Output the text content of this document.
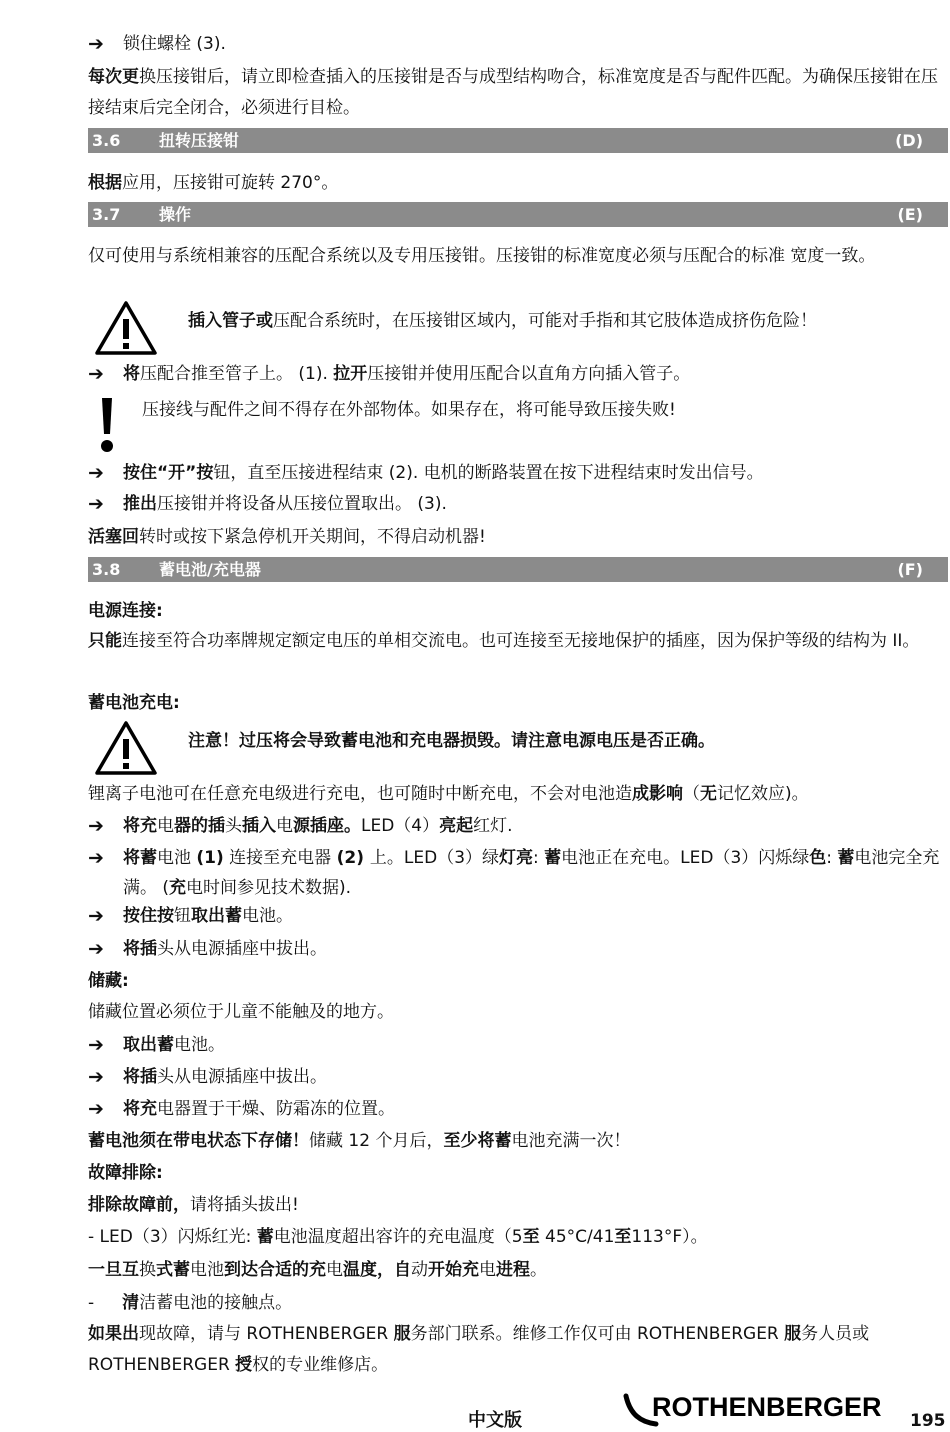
➔	锁住螺栓 (3).

每次更换压接钳后，请立即检查插入的压接钳是否与成型结构吻合，标准宽度是否与配件匹配。为确保压接钳在压接结束后完全闭合，必须进行目检。

3.6 扭转压接钳	(D)

根据应用，压接钳可旋转 270°。

3.7 操作	(E)

仅可使用与系统相兼容的压配合系统以及专用压接钳。压接钳的标准宽度必须与压配合的标准 宽度一致。

插入管子或压配合系统时，在压接钳区域内，可能对手指和其它肢体造成挤伤危险！

➔	将压配合推至管子上。 (1). 拉开压接钳并使用压配合以直角方向插入管子。

压接线与配件之间不得存在外部物体。如果存在，将可能导致压接失败!

➔	按住“开”按钮，直至压接进程结束 (2). 电机的断路装置在按下进程结束时发出信号。
➔	推出压接钳并将设备从压接位置取出。 (3).

活塞回转时或按下紧急停机开关期间，不得启动机器!

3.8 蓄电池/充电器	(F)
电源连接:

只能连接至符合功率牌规定额定电压的单相交流电。也可连接至无接地保护的插座，因为保护等级的结构为 II。

蓄电池充电:

注意！过压将会导致蓄电池和充电器损毁。请注意电源电压是否正确。

锂离子电池可在任意充电级进行充电，也可随时中断充电，不会对电池造成影响（无记忆效应)。

➔	将充电器的插头插入电源插座。LED（4）亮起红灯.
➔	将蓄电池 (1) 连接至充电器 (2) 上。LED（3）绿灯亮: 蓄电池正在充电。LED（3）闪烁绿色: 蓄电池完全充满。 (充电时间参见技术数据).
➔	按住按钮取出蓄电池。
➔	将插头从电源插座中拔出。
储藏:

储藏位置必须位于儿童不能触及的地方。

➔	取出蓄电池。
➔	将插头从电源插座中拔出。
➔	将充电器置于干燥、防霜冻的位置。

蓄电池须在带电状态下存储！储藏 12 个月后，至少将蓄电池充满一次！

故障排除:

排除故障前，请将插头拔出!

- LED（3）闪烁红光: 蓄电池温度超出容许的充电温度（5至 45°C/41至113°F）。

一旦互换式蓄电池到达合适的充电温度，自动开始充电进程。

- 清洁蓄电池的接触点。

如果出现故障，请与 ROTHENBERGER 服务部门联系。维修工作仅可由 ROTHENBERGER 服务人员或 ROTHENBERGER 授权的专业维修店。

中文版	ROTHENBERGER 195
